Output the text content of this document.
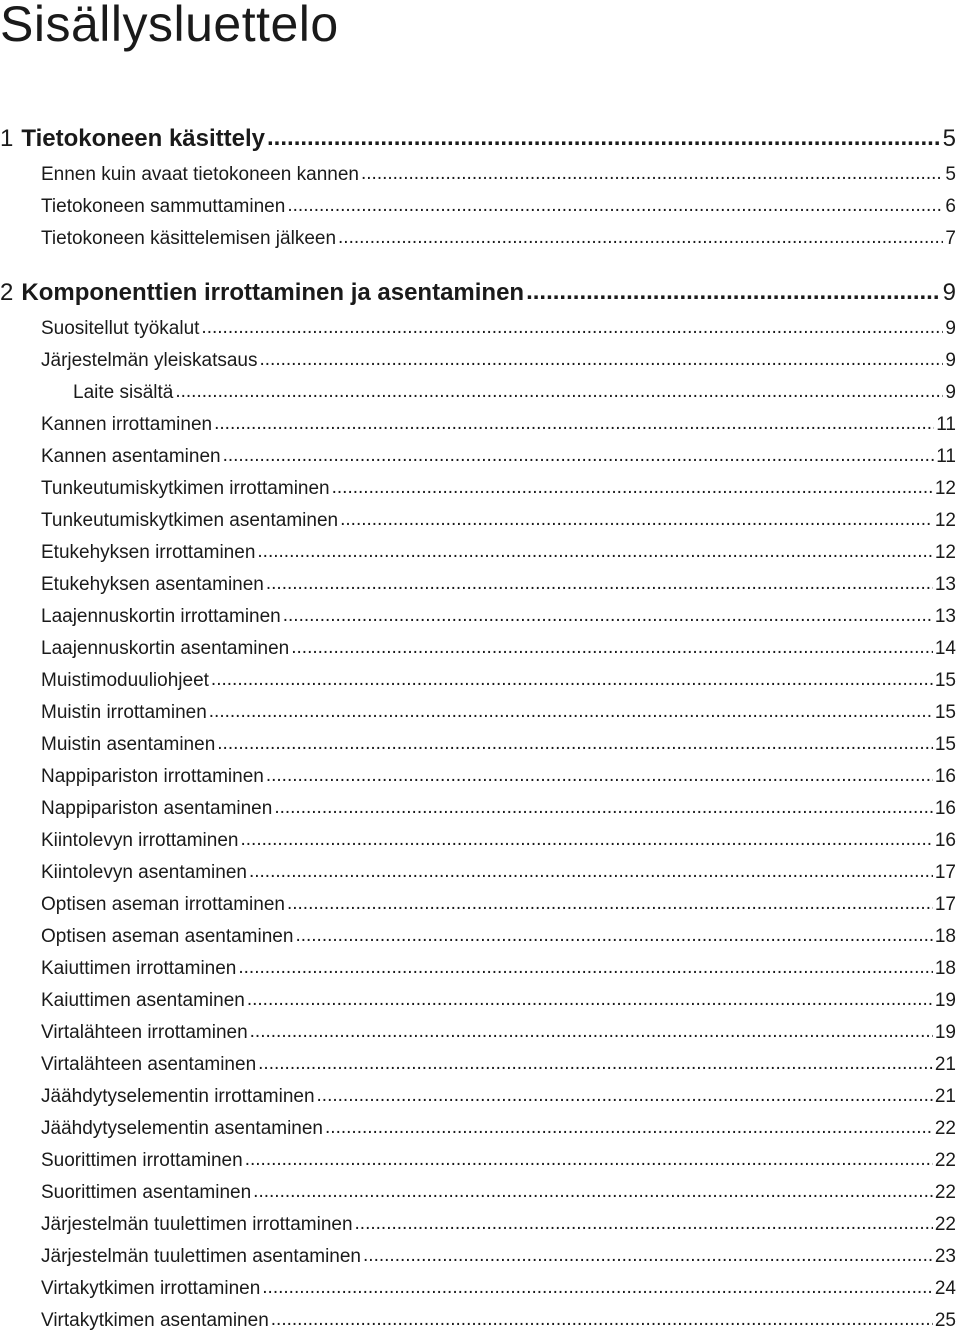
Sisällysluettelo
1 Tietokoneen käsittely .....	5
Ennen kuin avaat tietokoneen kannen .....	5
Tietokoneen sammuttaminen .....	6
Tietokoneen käsittelemisen jälkeen .....	7
2 Komponenttien irrottaminen ja asentaminen .....	9
Suositellut työkalut .....	9
Järjestelmän yleiskatsaus .....	9
Laite sisältä .....	9
Kannen irrottaminen .....	11
Kannen asentaminen .....	11
Tunkeutumiskytkimen irrottaminen .....	12
Tunkeutumiskytkimen asentaminen .....	12
Etukehyksen irrottaminen .....	12
Etukehyksen asentaminen .....	13
Laajennuskortin irrottaminen .....	13
Laajennuskortin asentaminen .....	14
Muistimoduuliohjeet .....	15
Muistin irrottaminen .....	15
Muistin asentaminen .....	15
Nappipariston irrottaminen .....	16
Nappipariston asentaminen .....	16
Kiintolevyn irrottaminen .....	16
Kiintolevyn asentaminen .....	17
Optisen aseman irrottaminen .....	17
Optisen aseman asentaminen .....	18
Kaiuttimen irrottaminen .....	18
Kaiuttimen asentaminen .....	19
Virtalähteen irrottaminen .....	19
Virtalähteen asentaminen .....	21
Jäähdytyselementin irrottaminen .....	21
Jäähdytyselementin asentaminen .....	22
Suorittimen irrottaminen .....	22
Suorittimen asentaminen .....	22
Järjestelmän tuulettimen irrottaminen .....	22
Järjestelmän tuulettimen asentaminen .....	23
Virtakytkimen irrottaminen .....	24
Virtakytkimen asentaminen .....	25
